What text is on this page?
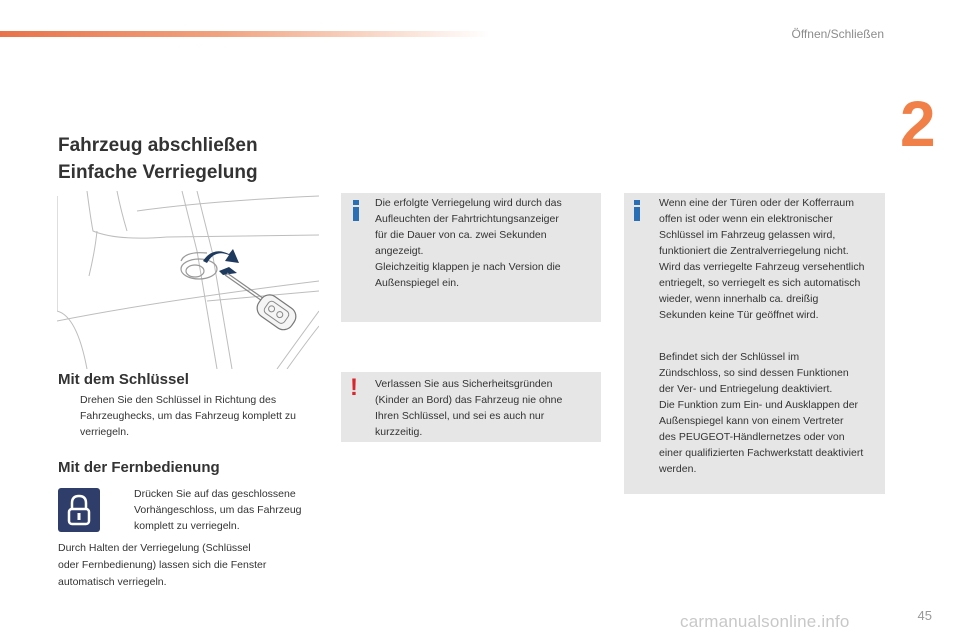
Öffnen/Schließen
2
Fahrzeug abschließen
Einfache Verriegelung
Mit dem Schlüssel
Drehen Sie den Schlüssel in Richtung des
Fahrzeughecks, um das Fahrzeug komplett zu
verriegeln.
Mit der Fernbedienung
Drücken Sie auf das geschlossene
Vorhängeschloss, um das Fahrzeug
komplett zu verriegeln.
Durch Halten der Verriegelung (Schlüssel
oder Fernbedienung) lassen sich die Fenster
automatisch verriegeln.
Die erfolgte Verriegelung wird durch das
Aufleuchten der Fahrtrichtungsanzeiger
für die Dauer von ca. zwei Sekunden
angezeigt.
Gleichzeitig klappen je nach Version die
Außenspiegel ein.
! Verlassen Sie aus Sicherheitsgründen
(Kinder an Bord) das Fahrzeug nie ohne
Ihren Schlüssel, und sei es auch nur
kurzzeitig.
Wenn eine der Türen oder der Kofferraum
offen ist oder wenn ein elektronischer
Schlüssel im Fahrzeug gelassen wird,
funktioniert die Zentralverriegelung nicht.
Wird das verriegelte Fahrzeug versehentlich
entriegelt, so verriegelt es sich automatisch
wieder, wenn innerhalb ca. dreißig
Sekunden keine Tür geöffnet wird.
Befindet sich der Schlüssel im
Zündschloss, so sind dessen Funktionen
der Ver- und Entriegelung deaktiviert.
Die Funktion zum Ein- und Ausklappen der
Außenspiegel kann von einem Vertreter
des PEUGEOT-Händlernetzes oder von
einer qualifizierten Fachwerkstatt deaktiviert
werden.
45
carmanualsonline.info
